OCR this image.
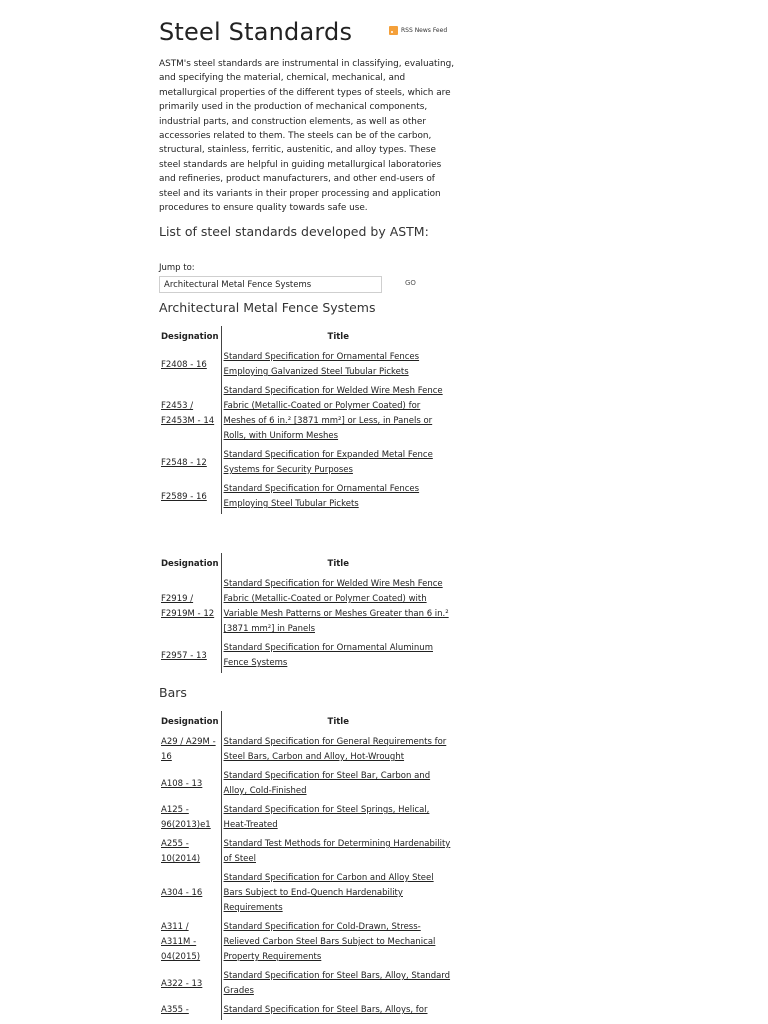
RSS News Feed
Steel Standards
ASTM's steel standards are instrumental in classifying, evaluating, and specifying the material, chemical, mechanical, and metallurgical properties of the different types of steels, which are primarily used in the production of mechanical components, industrial parts, and construction elements, as well as other accessories related to them. The steels can be of the carbon, structural, stainless, ferritic, austenitic, and alloy types. These steel standards are helpful in guiding metallurgical laboratories and refineries, product manufacturers, and other end-users of steel and its variants in their proper processing and application procedures to ensure quality towards safe use.
List of steel standards developed by ASTM:
Jump to:
Architectural Metal Fence Systems	GO
Architectural Metal Fence Systems
Designation	Title

F2408 - 16	Standard Specification for Ornamental Fences Employing Galvanized Steel Tubular Pickets

F2453 / F2453M - 14	Standard Specification for Welded Wire Mesh Fence Fabric (Metallic-Coated or Polymer Coated) for Meshes of 6 in.² [3871 mm²] or Less, in Panels or Rolls, with Uniform Meshes

F2548 - 12	Standard Specification for Expanded Metal Fence Systems for Security Purposes

F2589 - 16	Standard Specification for Ornamental Fences Employing Steel Tubular Pickets
Designation	Title

F2919 / F2919M - 12	Standard Specification for Welded Wire Mesh Fence Fabric (Metallic-Coated or Polymer Coated) with Variable Mesh Patterns or Meshes Greater than 6 in.² [3871 mm²] in Panels

F2957 - 13	Standard Specification for Ornamental Aluminum Fence Systems
Bars
Designation	Title

A29 / A29M - 16	Standard Specification for General Requirements for Steel Bars, Carbon and Alloy, Hot-Wrought

A108 - 13	Standard Specification for Steel Bar, Carbon and Alloy, Cold-Finished

A125 - 96(2013)e1	Standard Specification for Steel Springs, Helical, Heat-Treated

A255 - 10(2014)	Standard Test Methods for Determining Hardenability of Steel

A304 - 16	Standard Specification for Carbon and Alloy Steel Bars Subject to End-Quench Hardenability Requirements

A311 / A311M - 04(2015)	Standard Specification for Cold-Drawn, Stress-Relieved Carbon Steel Bars Subject to Mechanical Property Requirements

A322 - 13	Standard Specification for Steel Bars, Alloy, Standard Grades

A355 -	Standard Specification for Steel Bars, Alloys, for
